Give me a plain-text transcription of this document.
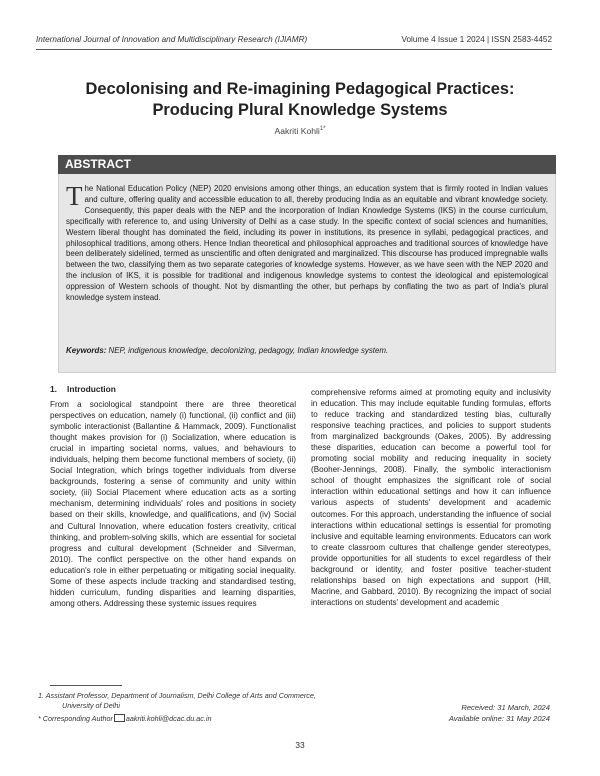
International Journal of Innovation and Multidisciplinary Research (IJIAMR)	Volume 4 Issue 1 2024 | ISSN 2583-4452
Decolonising and Re-imagining Pedagogical Practices:
Producing Plural Knowledge Systems
Aakriti Kohli$^{1*}$
ABSTRACT
The National Education Policy (NEP) 2020 envisions among other things, an education system that is firmly rooted in Indian values and culture, offering quality and accessible education to all, thereby producing India as an equitable and vibrant knowledge society. Consequently, this paper deals with the NEP and the incorporation of Indian Knowledge Systems (IKS) in the course curriculum, specifically with reference to, and using University of Delhi as a case study. In the specific context of social sciences and humanities, Western liberal thought has dominated the field, including its power in institutions, its presence in syllabi, pedagogical practices, and philosophical traditions, among others. Hence Indian theoretical and philosophical approaches and traditional sources of knowledge have been deliberately sidelined, termed as unscientific and often denigrated and marginalized. This discourse has produced impregnable walls between the two, classifying them as two separate categories of knowledge systems. However, as we have seen with the NEP 2020 and the inclusion of IKS, it is possible for traditional and indigenous knowledge systems to contest the ideological and epistemological oppression of Western schools of thought. Not by dismantling the other, but perhaps by conflating the two as part of India's plural knowledge system instead.
Keywords: NEP, indigenous knowledge, decolonizing, pedagogy, Indian knowledge system.
1. Introduction
From a sociological standpoint there are three theoretical perspectives on education, namely (i) functional, (ii) conflict and (iii) symbolic interactionist (Ballantine & Hammack, 2009). Functionalist thought makes provision for (i) Socialization, where education is crucial in imparting societal norms, values, and behaviours to individuals, helping them become functional members of society, (ii) Social Integration, which brings together individuals from diverse backgrounds, fostering a sense of community and unity within society, (iii) Social Placement where education acts as a sorting mechanism, determining individuals' roles and positions in society based on their skills, knowledge, and qualifications, and (iv) Social and Cultural Innovation, where education fosters creativity, critical thinking, and problem-solving skills, which are essential for societal progress and cultural development (Schneider and Silverman, 2010). The conflict perspective on the other hand expands on education's role in either perpetuating or mitigating social inequality. Some of these aspects include tracking and standardised testing, hidden curriculum, funding disparities and learning disparities, among others. Addressing these systemic issues requires
comprehensive reforms aimed at promoting equity and inclusivity in education. This may include equitable funding formulas, efforts to reduce tracking and standardized testing bias, culturally responsive teaching practices, and policies to support students from marginalized backgrounds (Oakes, 2005). By addressing these disparities, education can become a powerful tool for promoting social mobility and reducing inequality in society (Booher-Jennings, 2008). Finally, the symbolic interactionism school of thought emphasizes the significant role of social interaction within educational settings and how it can influence various aspects of students' development and academic outcomes. For this approach, understanding the influence of social interactions within educational settings is essential for promoting inclusive and equitable learning environments. Educators can work to create classroom cultures that challenge gender stereotypes, provide opportunities for all students to excel regardless of their background or identity, and foster positive teacher-student relationships based on high expectations and support (Hill, Macrine, and Gabbard, 2010). By recognizing the impact of social interactions on students' development and academic
1. Assistant Professor, Department of Journalism, Delhi College of Arts and Commerce,
University of Delhi
* Corresponding Author aakriti.kohli@dcac.du.ac.in
Received: 31 March, 2024
Available online: 31 May 2024
33
